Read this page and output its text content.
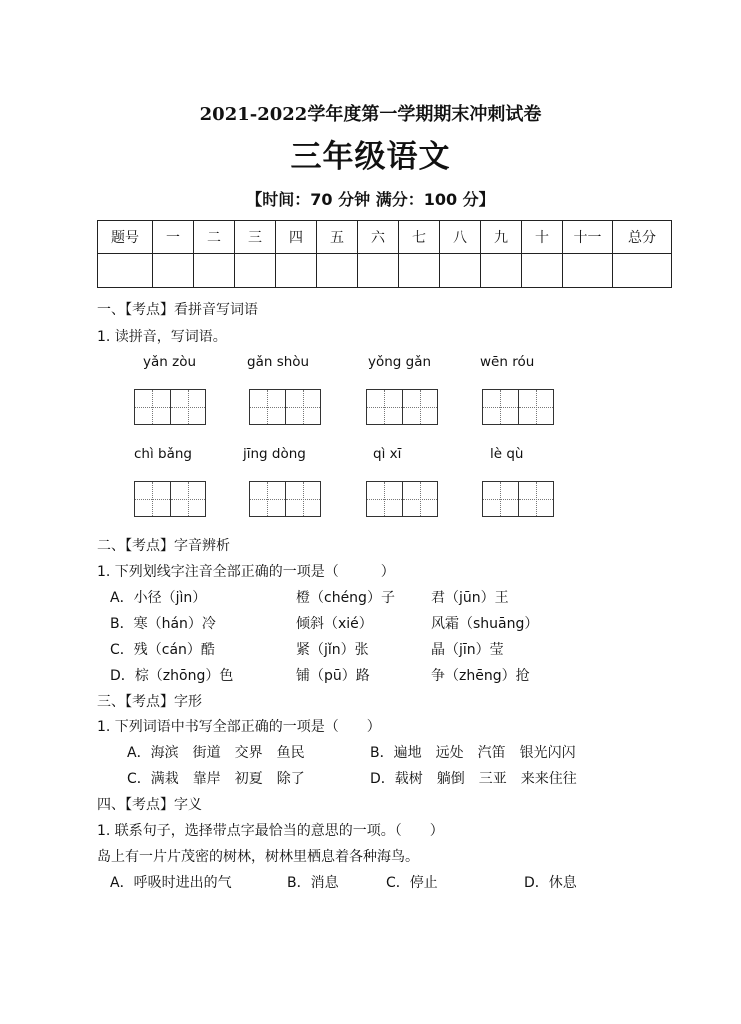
2021-2022学年度第一学期期末冲刺试卷
三年级语文
【时间：70 分钟 满分：100 分】
题号	一	二	三	四	五	六	七	八	九	十	十一	总分

一、【考点】看拼音写词语
1. 读拼音，写词语。
yǎn zòu	gǎn shòu	yǒng gǎn	wēn róu
chì bǎng	jīng dòng	qì xī	lè qù
二、【考点】字音辨析
1. 下列划线字注音全部正确的一项是（　　　）
A．小径（jìn）	橙（chéng）子	君（jūn）王
B．寒（hán）冷	倾斜（xié）	风霜（shuāng）
C．残（cán）酷	紧（jǐn）张	晶（jīn）莹
D．棕（zhōng）色	铺（pū）路	争（zhēng）抢
三、【考点】字形
1. 下列词语中书写全部正确的一项是（　　）
A．海滨　街道　交界　鱼民	B．遍地　远处　汽笛　银光闪闪
C．满栽　靠岸　初夏　除了	D．载树　躺倒　三亚　来来住往
四、【考点】字义
1. 联系句子，选择带点字最恰当的意思的一项。（　　）
岛上有一片片茂密的树林，树林里栖息着各种海鸟。
A．呼吸时进出的气	B．消息	C．停止	D．休息
